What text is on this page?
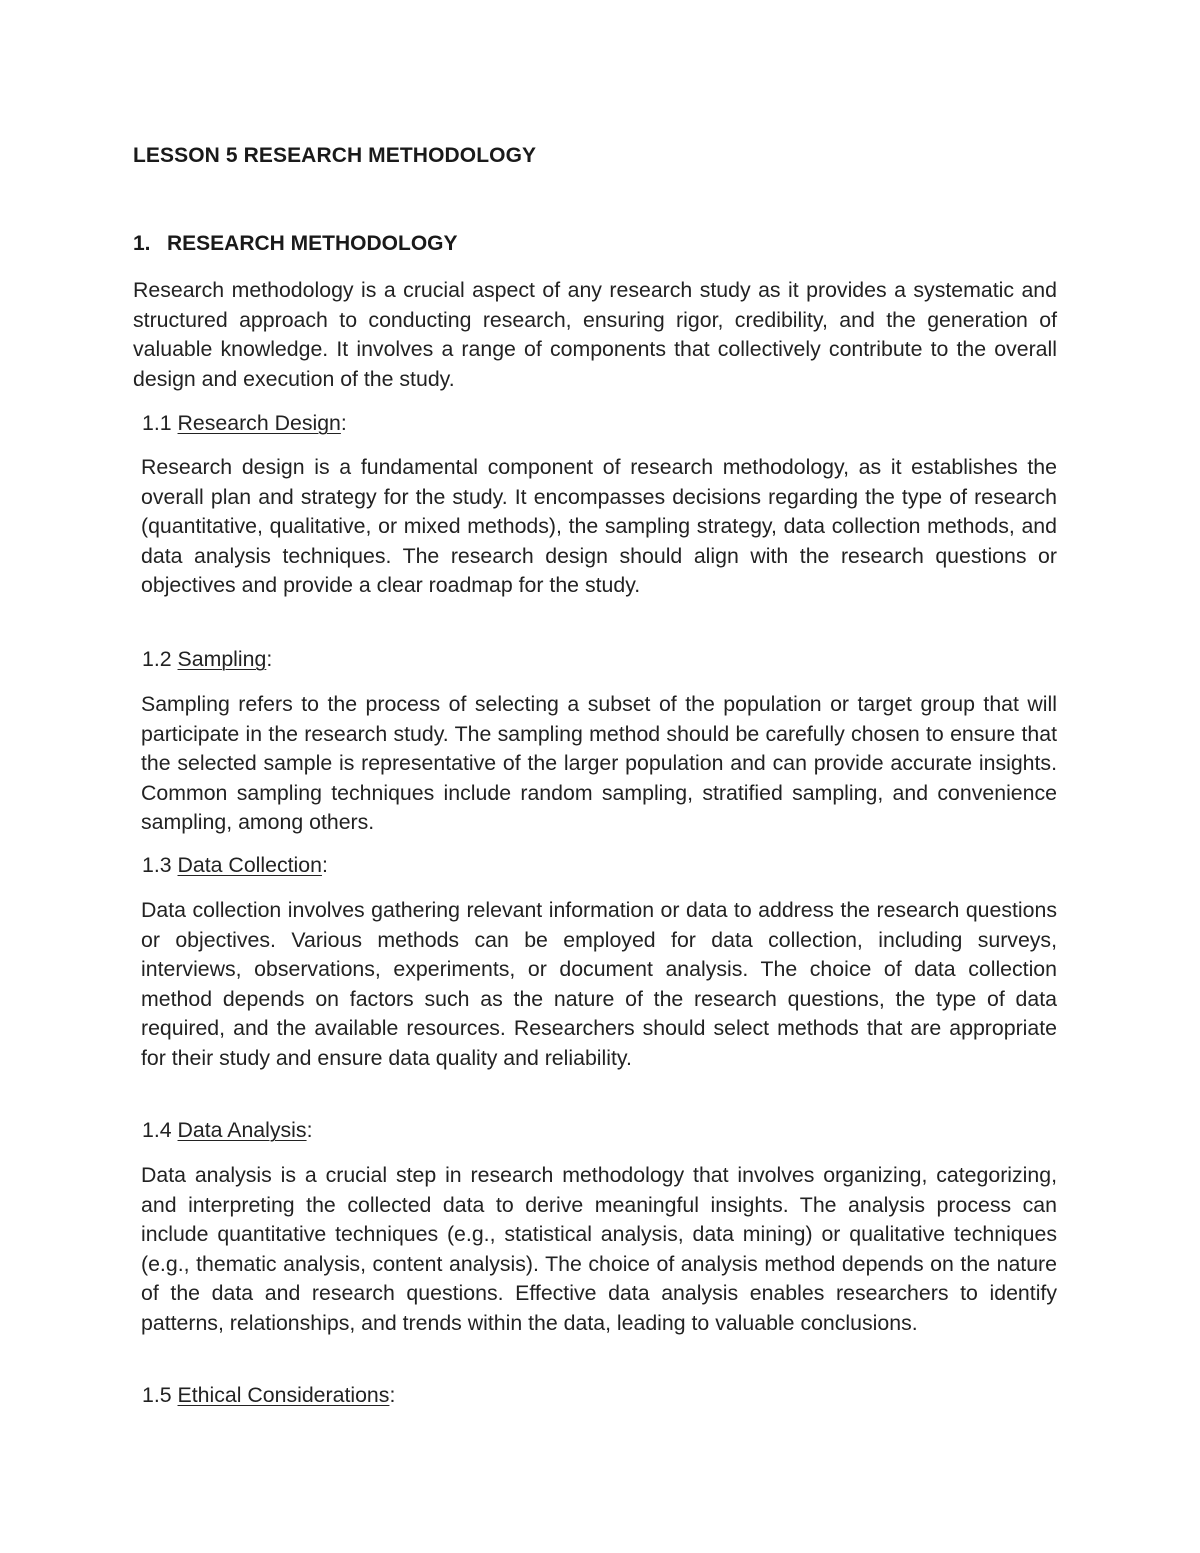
LESSON 5 RESEARCH METHODOLOGY
1. RESEARCH METHODOLOGY

Research methodology is a crucial aspect of any research study as it provides a systematic and structured approach to conducting research, ensuring rigor, credibility, and the generation of valuable knowledge. It involves a range of components that collectively contribute to the overall design and execution of the study.

1.1 Research Design:

Research design is a fundamental component of research methodology, as it establishes the overall plan and strategy for the study. It encompasses decisions regarding the type of research (quantitative, qualitative, or mixed methods), the sampling strategy, data collection methods, and data analysis techniques. The research design should align with the research questions or objectives and provide a clear roadmap for the study.

1.2 Sampling:

Sampling refers to the process of selecting a subset of the population or target group that will participate in the research study. The sampling method should be carefully chosen to ensure that the selected sample is representative of the larger population and can provide accurate insights. Common sampling techniques include random sampling, stratified sampling, and convenience sampling, among others.

1.3 Data Collection:

Data collection involves gathering relevant information or data to address the research questions or objectives. Various methods can be employed for data collection, including surveys, interviews, observations, experiments, or document analysis. The choice of data collection method depends on factors such as the nature of the research questions, the type of data required, and the available resources. Researchers should select methods that are appropriate for their study and ensure data quality and reliability.

1.4 Data Analysis:

Data analysis is a crucial step in research methodology that involves organizing, categorizing, and interpreting the collected data to derive meaningful insights. The analysis process can include quantitative techniques (e.g., statistical analysis, data mining) or qualitative techniques (e.g., thematic analysis, content analysis). The choice of analysis method depends on the nature of the data and research questions. Effective data analysis enables researchers to identify patterns, relationships, and trends within the data, leading to valuable conclusions.

1.5 Ethical Considerations:
